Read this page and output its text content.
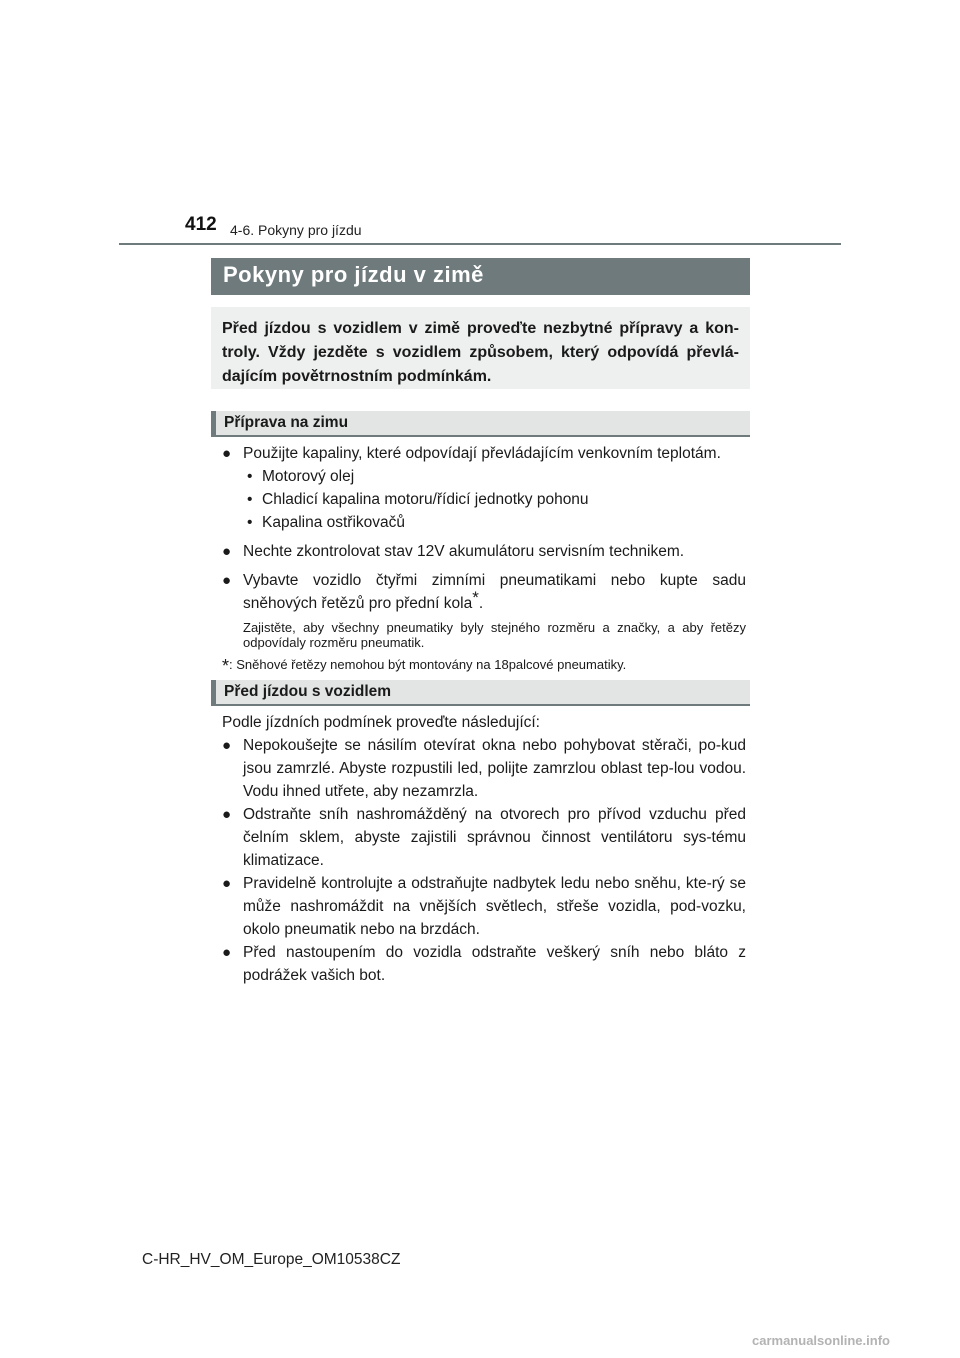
412 4-6. Pokyny pro jízdu
Pokyny pro jízdu v zimě
Před jízdou s vozidlem v zimě proveďte nezbytné přípravy a kon-troly. Vždy jezděte s vozidlem způsobem, který odpovídá převlá-dajícím povětrnostním podmínkám.
Příprava na zimu
● Použijte kapaliny, které odpovídají převládajícím venkovním teplotám.
• Motorový olej
• Chladicí kapalina motoru/řídicí jednotky pohonu
• Kapalina ostřikovačů
● Nechte zkontrolovat stav 12V akumulátoru servisním technikem.
● Vybavte vozidlo čtyřmi zimními pneumatikami nebo kupte sadu sněhových řetězů pro přední kola*.
Zajistěte, aby všechny pneumatiky byly stejného rozměru a značky, a aby řetězy odpovídaly rozměru pneumatik.
*: Sněhové řetězy nemohou být montovány na 18palcové pneumatiky.
Před jízdou s vozidlem
Podle jízdních podmínek proveďte následující:
● Nepokoušejte se násilím otevírat okna nebo pohybovat stěrači, po-kud jsou zamrzlé. Abyste rozpustili led, polijte zamrzlou oblast tep-lou vodou. Vodu ihned utřete, aby nezamrzla.
● Odstraňte sníh nashromážděný na otvorech pro přívod vzduchu před čelním sklem, abyste zajistili správnou činnost ventilátoru sys-tému klimatizace.
● Pravidelně kontrolujte a odstraňujte nadbytek ledu nebo sněhu, kte-rý se může nashromáždit na vnějších světlech, střeše vozidla, pod-vozku, okolo pneumatik nebo na brzdách.
● Před nastoupením do vozidla odstraňte veškerý sníh nebo bláto z podrážek vašich bot.
C-HR_HV_OM_Europe_OM10538CZ
carmanualsonline.info
